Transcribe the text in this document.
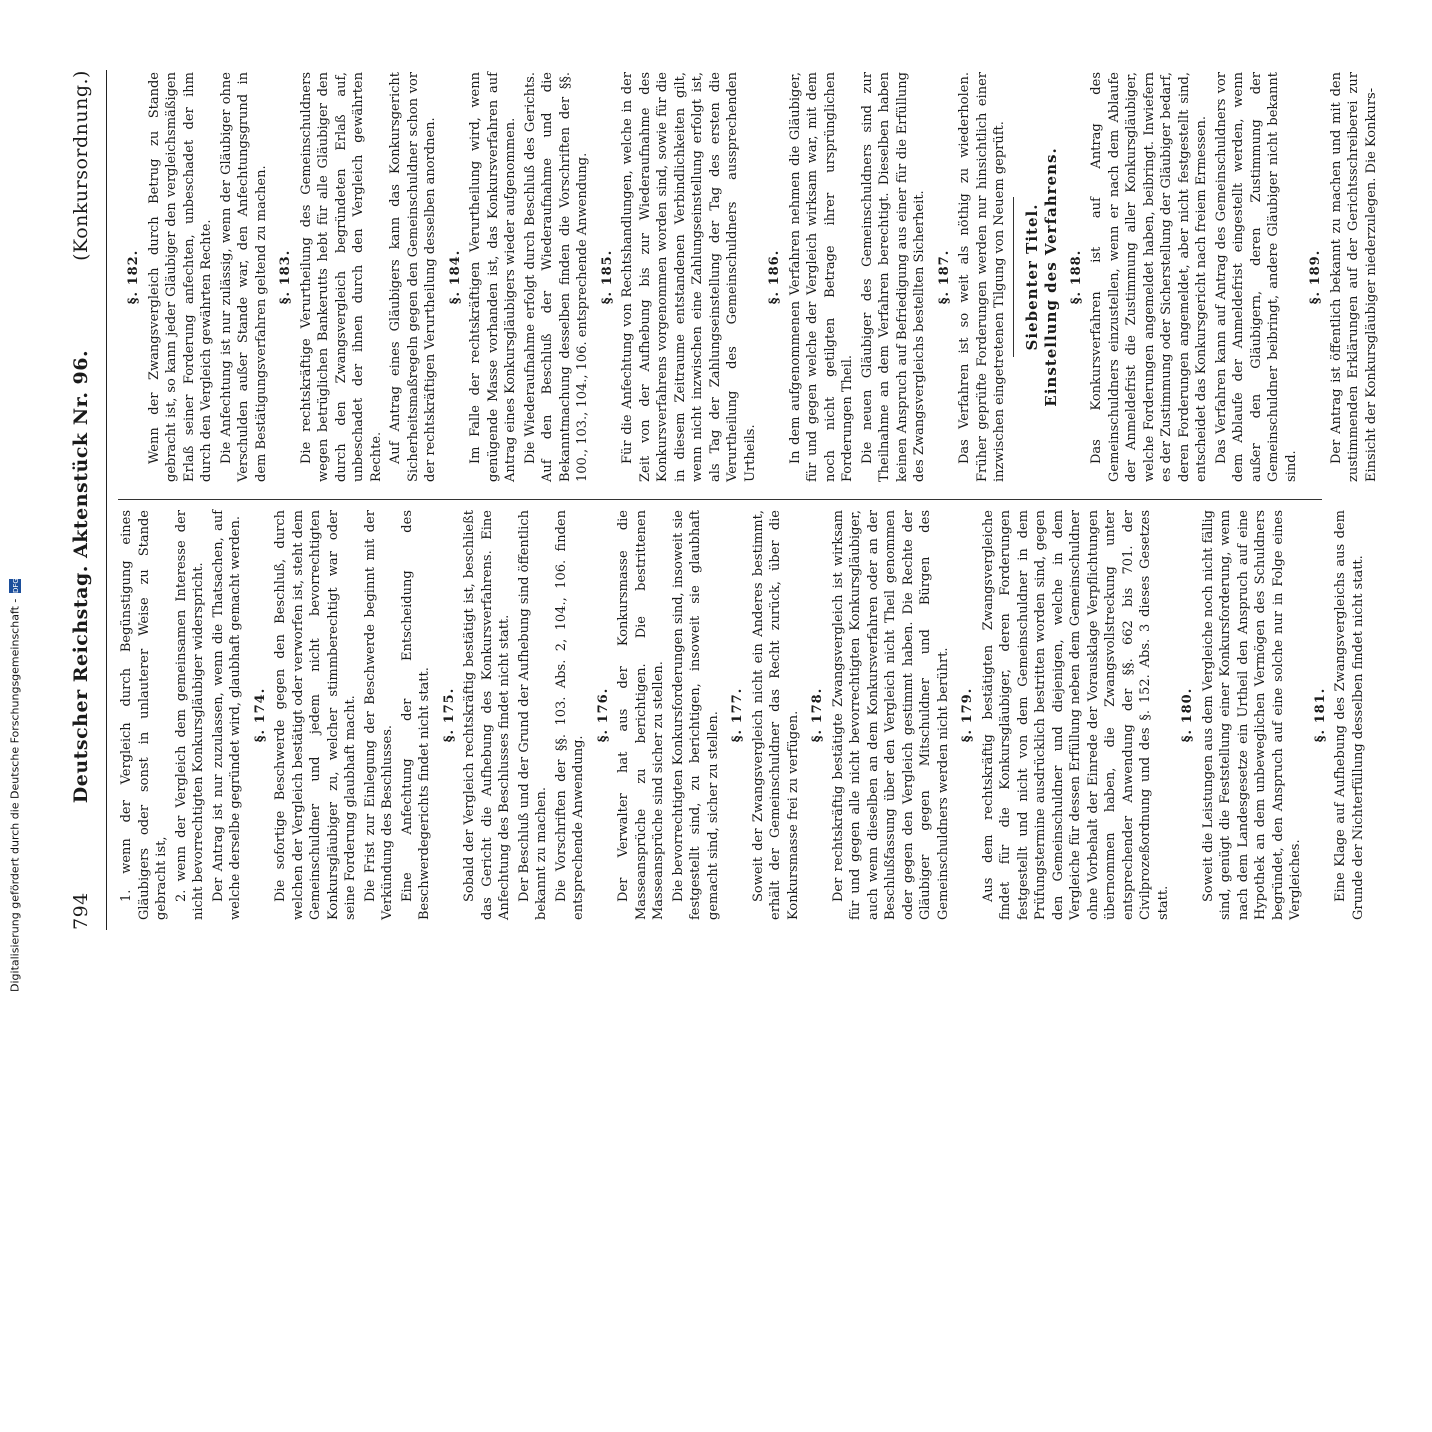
794
Deutscher Reichstag. Aktenstück Nr. 96.
(Konkursordnung.)
1. wenn der Vergleich durch Begünstigung eines Gläubigers oder sonst in unlauterer Weise zu Stande gebracht ist, 2. wenn der Vergleich dem gemeinsamen Interesse der nicht bevorrechtigten Konkursgläubiger widerspricht. Der Antrag ist nur zuzulassen, wenn die Thatsachen, auf welche derselbe gegründet wird, glaubhaft gemacht werden. §. 174. Die sofortige Beschwerde gegen den Beschluß, durch welchen der Vergleich bestätigt oder verworfen ist, steht dem Gemeinschuldner und jedem nicht bevorrechtigten Konkursgläubiger zu, welcher stimmberechtigt war oder seine Forderung glaubhaft macht. Die Frist zur Einlegung der Beschwerde beginnt mit der Verkündung des Beschlusses. Eine Anfechtung der Entscheidung des Beschwerdegerichts findet nicht statt. §. 175. Sobald der Vergleich rechtskräftig bestätigt ist, beschließt das Gericht die Aufhebung des Konkursverfahrens. Eine Anfechtung des Beschlusses findet nicht statt. Der Beschluß und der Grund der Aufhebung sind öffentlich bekannt zu machen. Die Vorschriften der §§. 103. Abs. 2, 104., 106. finden entsprechende Anwendung.
§. 176. Der Verwalter hat aus der Konkursmasse die Masseansprüche zu berichtigen. Die bestrittenen Masseansprüche sind sicher zu stellen. Die bevorrechtigten Konkursforderungen sind, insoweit sie festgestellt sind, zu berichtigen, insoweit sie glaubhaft gemacht sind, sicher zu stellen. §. 177. Soweit der Zwangsvergleich nicht ein Anderes bestimmt, erhält der Gemeinschuldner das Recht zurück, über die Konkursmasse frei zu verfügen. §. 178. Der rechtskräftig bestätigte Zwangsvergleich ist wirksam für und gegen alle nicht bevorrechtigten Konkursgläubiger, auch wenn dieselben an dem Konkursverfahren oder an der Beschlußfassung über den Vergleich nicht Theil genommen oder gegen den Vergleich gestimmt haben. Die Rechte der Gläubiger gegen Mitschuldner und Bürgen des Gemeinschuldners werden nicht berührt. §. 179. Aus dem rechtskräftig bestätigten Zwangsvergleiche findet für die Konkursgläubiger, deren Forderungen festgestellt und nicht von dem Gemeinschuldner in dem Prüfungstermine ausdrücklich bestritten worden sind, gegen den Gemeinschuldner und diejenigen, welche in dem Vergleiche für dessen Erfüllung neben dem Gemeinschuldner ohne Vorbehalt der Einrede der Vorausklage Verpflichtungen übernommen haben, die Zwangsvollstreckung unter entsprechender Anwendung der §§. 662 bis 701. der Civilprozeßordnung und des §. 152. Abs. 3 dieses Gesetzes statt.
§. 180. Soweit die Leistungen aus dem Vergleiche noch nicht fällig sind, genügt die Feststellung einer Konkursforderung, wenn nach dem Landesgesetze ein Urtheil den Anspruch auf eine Hypothek an dem unbeweglichen Vermögen des Schuldners begründet, den Anspruch auf eine solche nur in Folge eines Vergleiches.
§. 181. Eine Klage auf Aufhebung des Zwangsvergleichs aus dem Grunde der Nichterfüllung desselben findet nicht statt.
§. 182. Wenn der Zwangsvergleich durch Betrug zu Stande gebracht ist, so kann jeder Gläubiger den vergleichsmäßigen Erlaß seiner Forderung anfechten, unbeschadet der ihm durch den Vergleich gewährten Rechte. Die Anfechtung ist nur zulässig, wenn der Gläubiger ohne Verschulden außer Stande war, den Anfechtungsgrund in dem Bestätigungsverfahren geltend zu machen. §. 183. Die rechtskräftige Verurtheilung des Gemeinschuldners wegen betrüglichen Bankerutts hebt für alle Gläubiger den durch den Zwangsvergleich begründeten Erlaß auf, unbeschadet der ihnen durch den Vergleich gewährten Rechte. Auf Antrag eines Gläubigers kann das Konkursgericht Sicherheitsmaßregeln gegen den Gemeinschuldner schon vor der rechtskräftigen Verurtheilung desselben anordnen. §. 184. Im Falle der rechtskräftigen Verurtheilung wird, wenn genügende Masse vorhanden ist, das Konkursverfahren auf Antrag eines Konkursgläubigers wieder aufgenommen. Die Wiederaufnahme erfolgt durch Beschluß des Gerichts. Auf den Beschluß der Wiederaufnahme und die Bekanntmachung desselben finden die Vorschriften der §§. 100., 103., 104., 106. entsprechende Anwendung. §. 185. Für die Anfechtung von Rechtshandlungen, welche in der Zeit von der Aufhebung bis zur Wiederaufnahme des Konkursverfahrens vorgenommen worden sind, sowie für die in diesem Zeitraume entstandenen Verbindlichkeiten gilt, wenn nicht inzwischen eine Zahlungseinstellung erfolgt ist, als Tag der Zahlungseinstellung der Tag des ersten die Verurtheilung des Gemeinschuldners aussprechenden Urtheils.
§. 186. In dem aufgenommenen Verfahren nehmen die Gläubiger, für und gegen welche der Vergleich wirksam war, mit dem noch nicht getilgten Betrage ihrer ursprünglichen Forderungen Theil. Die neuen Gläubiger des Gemeinschuldners sind zur Theilnahme an dem Verfahren berechtigt. Dieselben haben keinen Anspruch auf Befriedigung aus einer für die Erfüllung des Zwangsvergleichs bestellten Sicherheit. §. 187. Das Verfahren ist so weit als nöthig zu wiederholen. Früher geprüfte Forderungen werden nur hinsichtlich einer inzwischen eingetretenen Tilgung von Neuem geprüft. Siebenter Titel. Einstellung des Verfahrens. §. 188. Das Konkursverfahren ist auf Antrag des Gemeinschuldners einzustellen, wenn er nach dem Ablaufe der Anmeldefrist die Zustimmung aller Konkursgläubiger, welche Forderungen angemeldet haben, beibringt. Inwiefern es der Zustimmung oder Sicherstellung der Gläubiger bedarf, deren Forderungen angemeldet, aber nicht festgestellt sind, entscheidet das Konkursgericht nach freiem Ermessen. Das Verfahren kann auf Antrag des Gemeinschuldners vor dem Ablaufe der Anmeldefrist eingestellt werden, wenn außer den Gläubigern, deren Zustimmung der Gemeinschuldner beibringt, andere Gläubiger nicht bekannt sind.
§. 189. Der Antrag ist öffentlich bekannt zu machen und mit den zustimmenden Erklärungen auf der Gerichtsschreiberei zur Einsicht der Konkursgläubiger niederzulegen. Die Konkurs-
Digitalisierung gefördert durch die Deutsche Forschungsgemeinschaft -
DFG
